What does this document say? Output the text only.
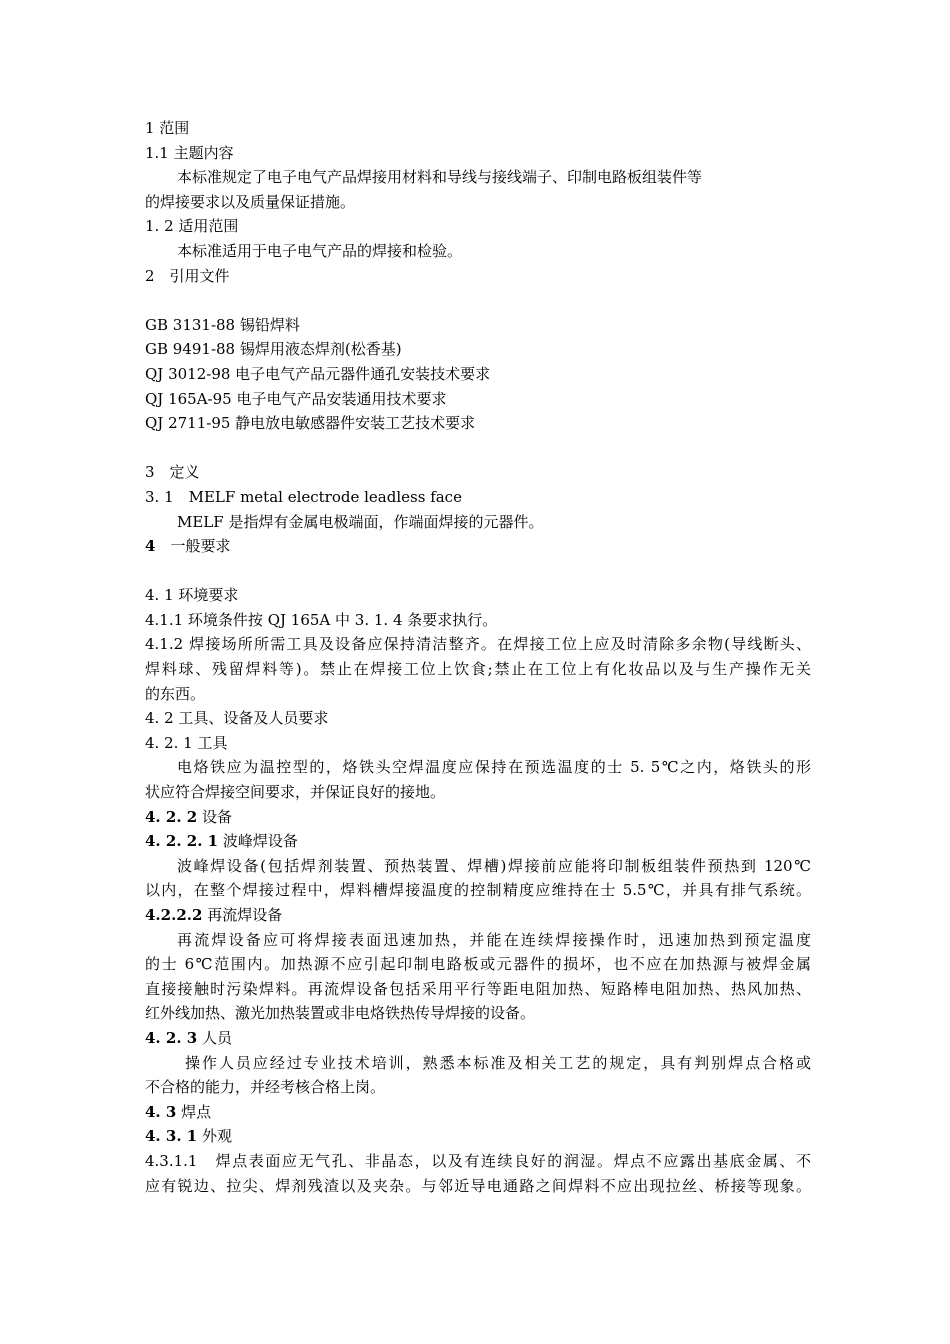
1 范围
1.1 主题内容
本标准规定了电子电气产品焊接用材料和导线与接线端子、印制电路板组装件等
的焊接要求以及质量保证措施。
1. 2 适用范围
本标准适用于电子电气产品的焊接和检验。
2　引用文件
GB 3131-88 锡铅焊料
GB 9491-88 锡焊用液态焊剂(松香基)
QJ 3012-98 电子电气产品元器件通孔安装技术要求
QJ 165A-95 电子电气产品安装通用技术要求
QJ 2711-95 静电放电敏感器件安装工艺技术要求
3　定义
3. 1　MELF metal electrode leadless face
MELF 是指焊有金属电极端面，作端面焊接的元器件。
4　一般要求
4. 1 环境要求
4.1.1 环境条件按 QJ 165A 中 3. 1. 4 条要求执行。
4.1.2 焊接场所所需工具及设备应保持清洁整齐。在焊接工位上应及时清除多余物(导线断头、
焊料球、残留焊料等)。禁止在焊接工位上饮食;禁止在工位上有化妆品以及与生产操作无关
的东西。
4. 2 工具、设备及人员要求
4. 2. 1 工具
电烙铁应为温控型的，烙铁头空焊温度应保持在预选温度的士 5. 5℃之内，烙铁头的形
状应符合焊接空间要求，并保证良好的接地。
4. 2. 2 设备
4. 2. 2. 1 波峰焊设备
波峰焊设备(包括焊剂装置、预热装置、焊槽)焊接前应能将印制板组装件预热到 120℃
以内，在整个焊接过程中，焊料槽焊接温度的控制精度应维持在士 5.5℃，并具有排气系统。
4.2.2.2 再流焊设备
再流焊设备应可将焊接表面迅速加热，并能在连续焊接操作时，迅速加热到预定温度
的士 6℃范围内。加热源不应引起印制电路板或元器件的损坏，也不应在加热源与被焊金属
直接接触时污染焊料。再流焊设备包括采用平行等距电阻加热、短路棒电阻加热、热风加热、
红外线加热、激光加热装置或非电烙铁热传导焊接的设备。
4. 2. 3 人员
操作人员应经过专业技术培训，熟悉本标准及相关工艺的规定，具有判别焊点合格或
不合格的能力，并经考核合格上岗。
4. 3 焊点
4. 3. 1 外观
4.3.1.1　焊点表面应无气孔、非晶态，以及有连续良好的润湿。焊点不应露出基底金属、不
应有锐边、拉尖、焊剂残渣以及夹杂。与邻近导电通路之间焊料不应出现拉丝、桥接等现象。
